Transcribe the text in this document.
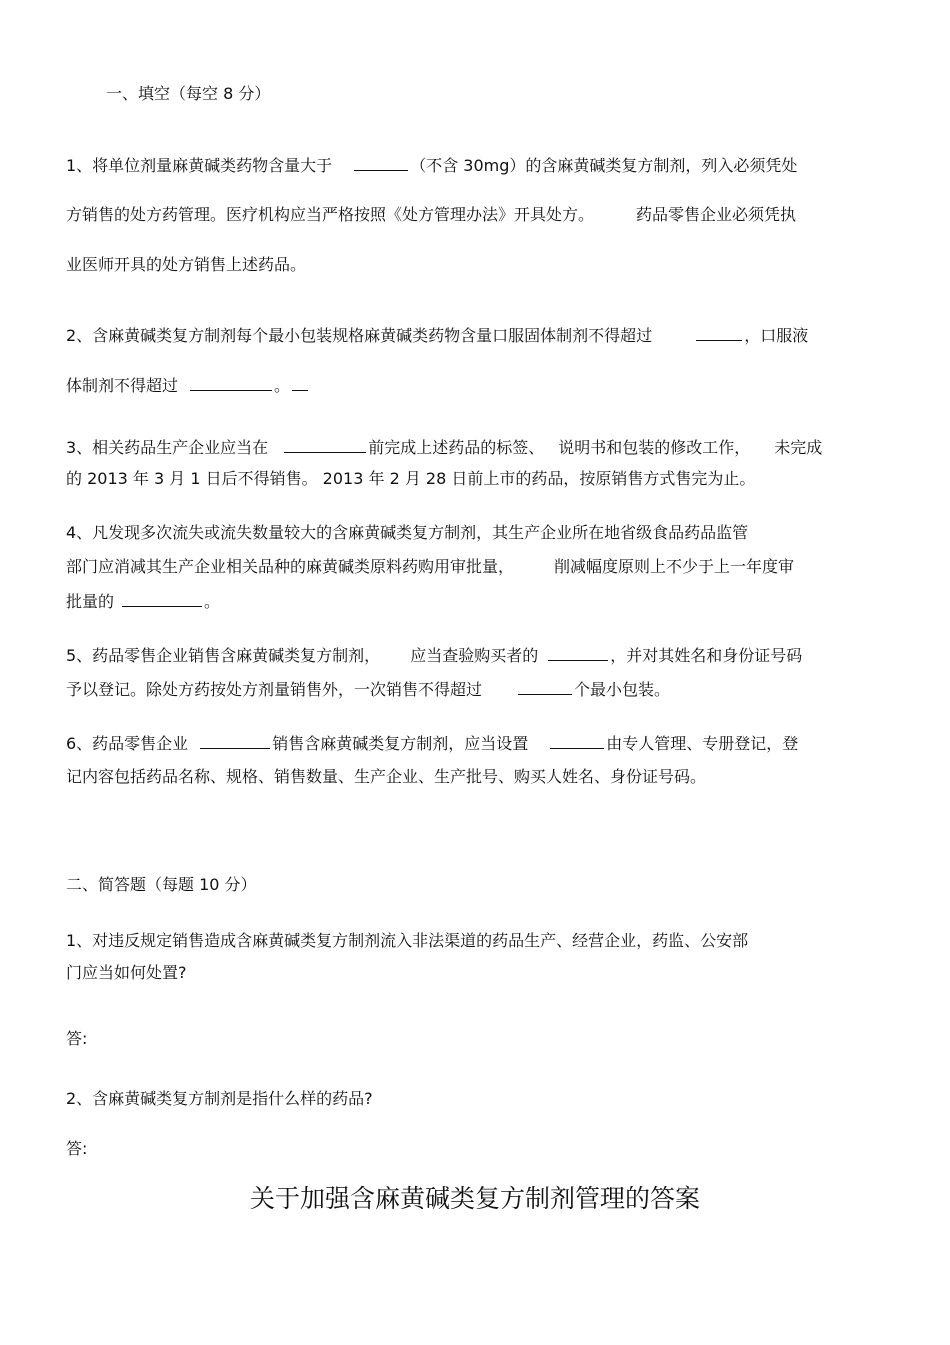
一、填空（每空 8 分）
1、将单位剂量麻黄碱类药物含量大于	（不含 30mg）的含麻黄碱类复方制剂，列入必须凭处
方销售的处方药管理。医疗机构应当严格按照《处方管理办法》开具处方。	药品零售企业必须凭执
业医师开具的处方销售上述药品。
2、含麻黄碱类复方制剂每个最小包装规格麻黄碱类药物含量口服固体制剂不得超过	，口服液
体制剂不得超过	。
3、相关药品生产企业应当在	前完成上述药品的标签、 说明书和包装的修改工作， 未完成
的 2013 年 3 月 1 日后不得销售。 2013 年 2 月 28 日前上市的药品，按原销售方式售完为止。
4、凡发现多次流失或流失数量较大的含麻黄碱类复方制剂，其生产企业所在地省级食品药品监管
部门应消减其生产企业相关品种的麻黄碱类原料药购用审批量，	削减幅度原则上不少于上一年度审
批量的	。
5、药品零售企业销售含麻黄碱类复方制剂， 应当查验购买者的	，并对其姓名和身份证号码
予以登记。除处方药按处方剂量销售外，一次销售不得超过	个最小包装。
6、药品零售企业	销售含麻黄碱类复方制剂，应当设置	由专人管理、专册登记，登
记内容包括药品名称、规格、销售数量、生产企业、生产批号、购买人姓名、身份证号码。
二、简答题（每题 10 分）
1、对违反规定销售造成含麻黄碱类复方制剂流入非法渠道的药品生产、经营企业，药监、公安部
门应当如何处置?
答:
2、含麻黄碱类复方制剂是指什么样的药品?
答:
关于加强含麻黄碱类复方制剂管理的答案
